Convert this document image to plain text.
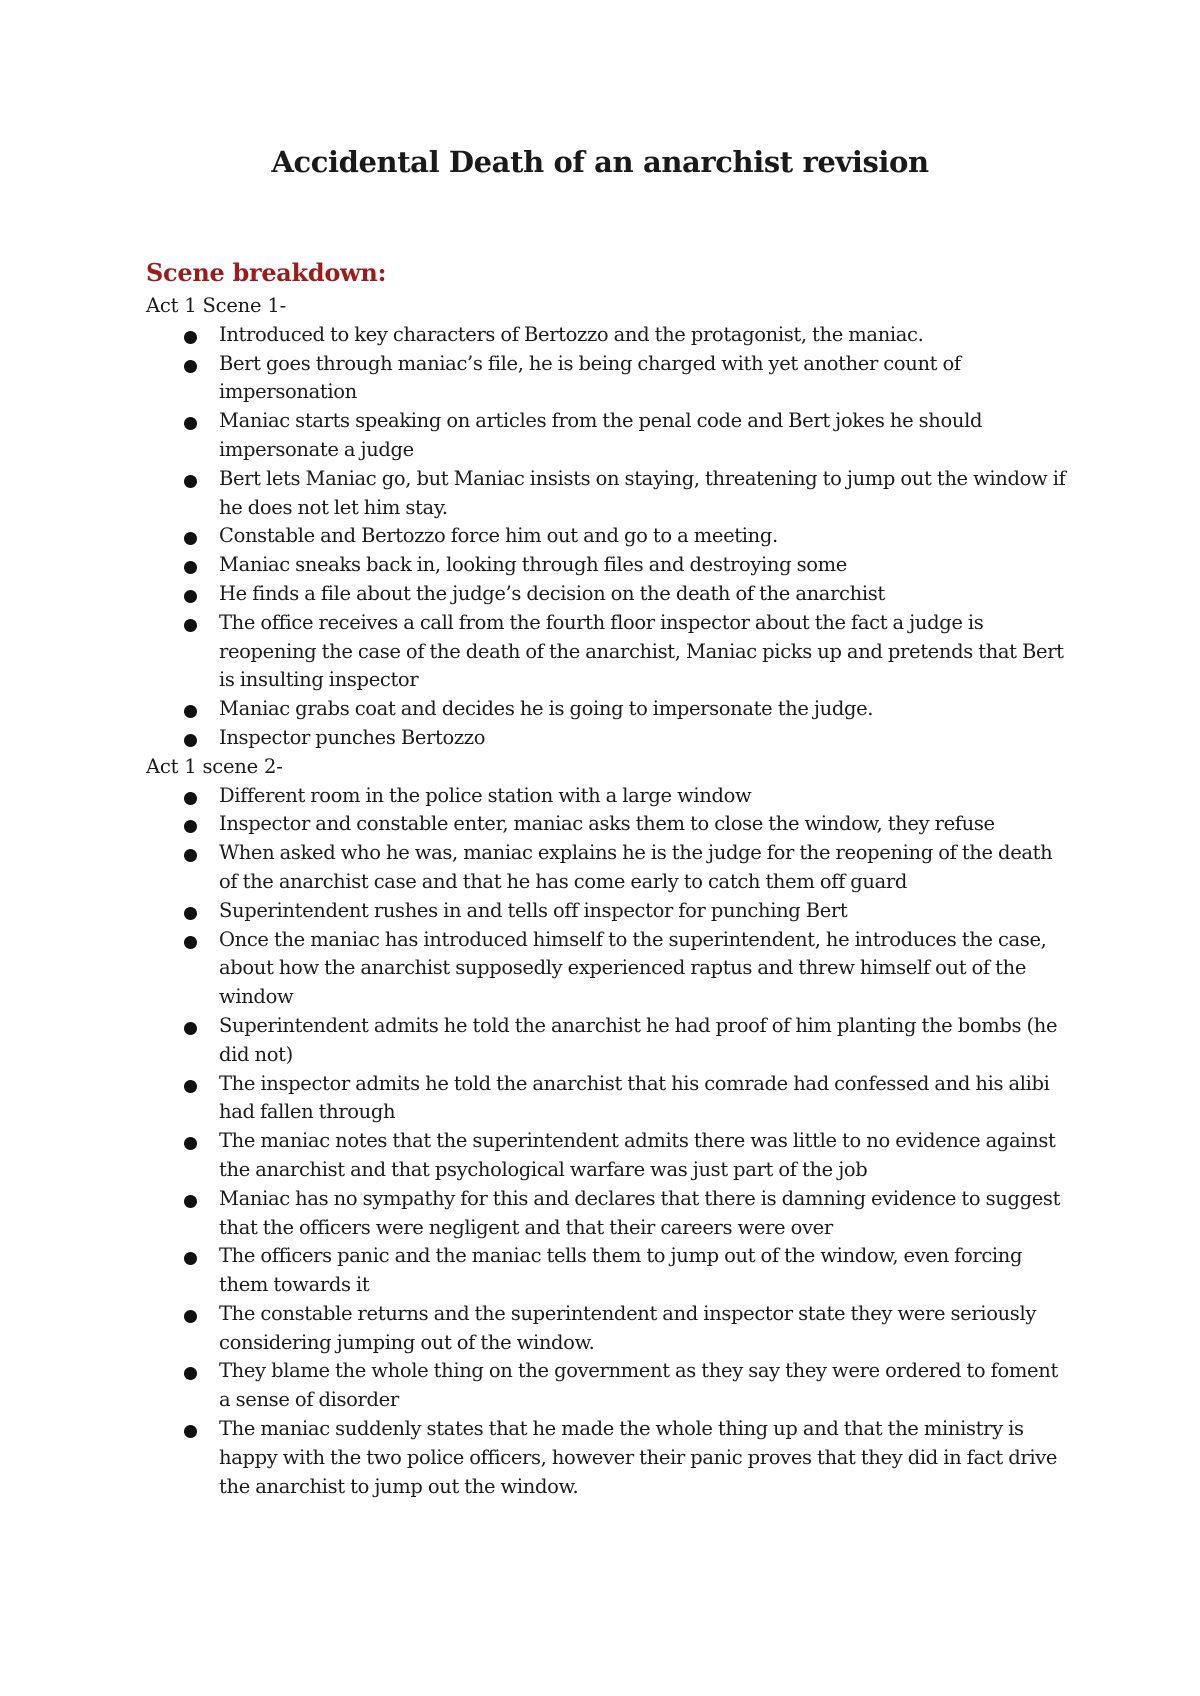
Accidental Death of an anarchist revision
Scene breakdown:

Act 1 Scene 1-

Introduced to key characters of Bertozzo and the protagonist, the maniac.
Bert goes through maniac’s file, he is being charged with yet another count of impersonation
Maniac starts speaking on articles from the penal code and Bert jokes he should impersonate a judge
Bert lets Maniac go, but Maniac insists on staying, threatening to jump out the window if he does not let him stay.
Constable and Bertozzo force him out and go to a meeting.
Maniac sneaks back in, looking through files and destroying some
He finds a file about the judge’s decision on the death of the anarchist
The office receives a call from the fourth floor inspector about the fact a judge is reopening the case of the death of the anarchist, Maniac picks up and pretends that Bert is insulting inspector
Maniac grabs coat and decides he is going to impersonate the judge.
Inspector punches Bertozzo

Act 1 scene 2-

Different room in the police station with a large window
Inspector and constable enter, maniac asks them to close the window, they refuse
When asked who he was, maniac explains he is the judge for the reopening of the death of the anarchist case and that he has come early to catch them off guard
Superintendent rushes in and tells off inspector for punching Bert
Once the maniac has introduced himself to the superintendent, he introduces the case, about how the anarchist supposedly experienced raptus and threw himself out of the window
Superintendent admits he told the anarchist he had proof of him planting the bombs (he did not)
The inspector admits he told the anarchist that his comrade had confessed and his alibi had fallen through
The maniac notes that the superintendent admits there was little to no evidence against the anarchist and that psychological warfare was just part of the job
Maniac has no sympathy for this and declares that there is damning evidence to suggest that the officers were negligent and that their careers were over
The officers panic and the maniac tells them to jump out of the window, even forcing them towards it
The constable returns and the superintendent and inspector state they were seriously considering jumping out of the window.
They blame the whole thing on the government as they say they were ordered to foment a sense of disorder
The maniac suddenly states that he made the whole thing up and that the ministry is happy with the two police officers, however their panic proves that they did in fact drive the anarchist to jump out the window.
